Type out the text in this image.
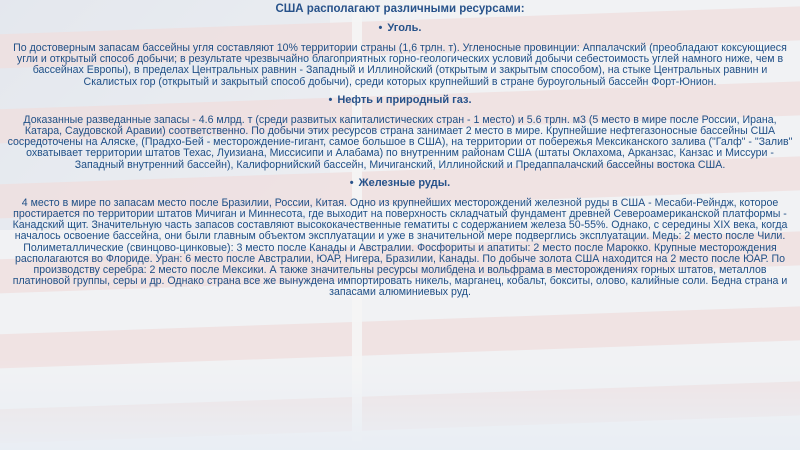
США располагают различными ресурсами:
• Уголь.

По достоверным запасам бассейны угля составляют 10% территории страны (1,6 трлн. т). Угленосные провинции: Аппалачский (преобладают коксующиеся угли и открытый способ добычи; в результате чрезвычайно благоприятных горно-геологических условий добычи себестоимость углей намного ниже, чем в бассейнах Европы), в пределах Центральных равнин - Западный и Иллинойский (открытым и закрытым способом), на стыке Центральных равнин и Скалистых гор (открытый и закрытый способ добычи), среди которых крупнейший в стране буроугольный бассейн Форт-Юнион.

• Нефть и природный газ.

Доказанные разведанные запасы - 4.6 млрд. т (среди развитых капиталистических стран - 1 место) и 5.6 трлн. м3 (5 место в мире после России, Ирана, Катара, Саудовской Аравии) соответственно. По добычи этих ресурсов страна занимает 2 место в мире. Крупнейшие нефтегазоносные бассейны США сосредоточены на Аляске, (Прадхо-Бей - месторождение-гигант, самое большое в США), на территории от побережья Мексиканского залива ("Галф" - "Залив" охватывает территории штатов Техас, Луизиана, Миссисипи и Алабама) по внутренним районам США (штаты Оклахома, Арканзас, Канзас и Миссури - Западный внутренний бассейн), Калифорнийский бассейн, Мичиганский, Иллинойский и Предаппалачский бассейны востока США.

• Железные руды.

4 место в мире по запасам место после Бразилии, России, Китая. Одно из крупнейших месторождений железной руды в США - Месаби-Рейндж, которое простирается по территории штатов Мичиган и Миннесота, где выходит на поверхность складчатый фундамент древней Североамериканской платформы - Канадский щит. Значительную часть запасов составляют высококачественные гематиты с содержанием железа 50-55%. Однако, с середины XIX века, когда началось освоение бассейна, они были главным объектом эксплуатации и уже в значительной мере подверглись эксплуатации. Медь: 2 место после Чили. Полиметаллические (свинцово-цинковые): 3 место после Канады и Австралии. Фосфориты и апатиты: 2 место после Марокко. Крупные месторождения располагаются во Флориде. Уран: 6 место после Австралии, ЮАР, Нигера, Бразилии, Канады. По добыче золота США находится на 2 место после ЮАР. По производству серебра: 2 место после Мексики. А также значительны ресурсы молибдена и вольфрама в месторождениях горных штатов, металлов платиновой группы, серы и др. Однако страна все же вынуждена импортировать никель, марганец, кобальт, бокситы, олово, калийные соли. Бедна страна и запасами алюминиевых руд.
